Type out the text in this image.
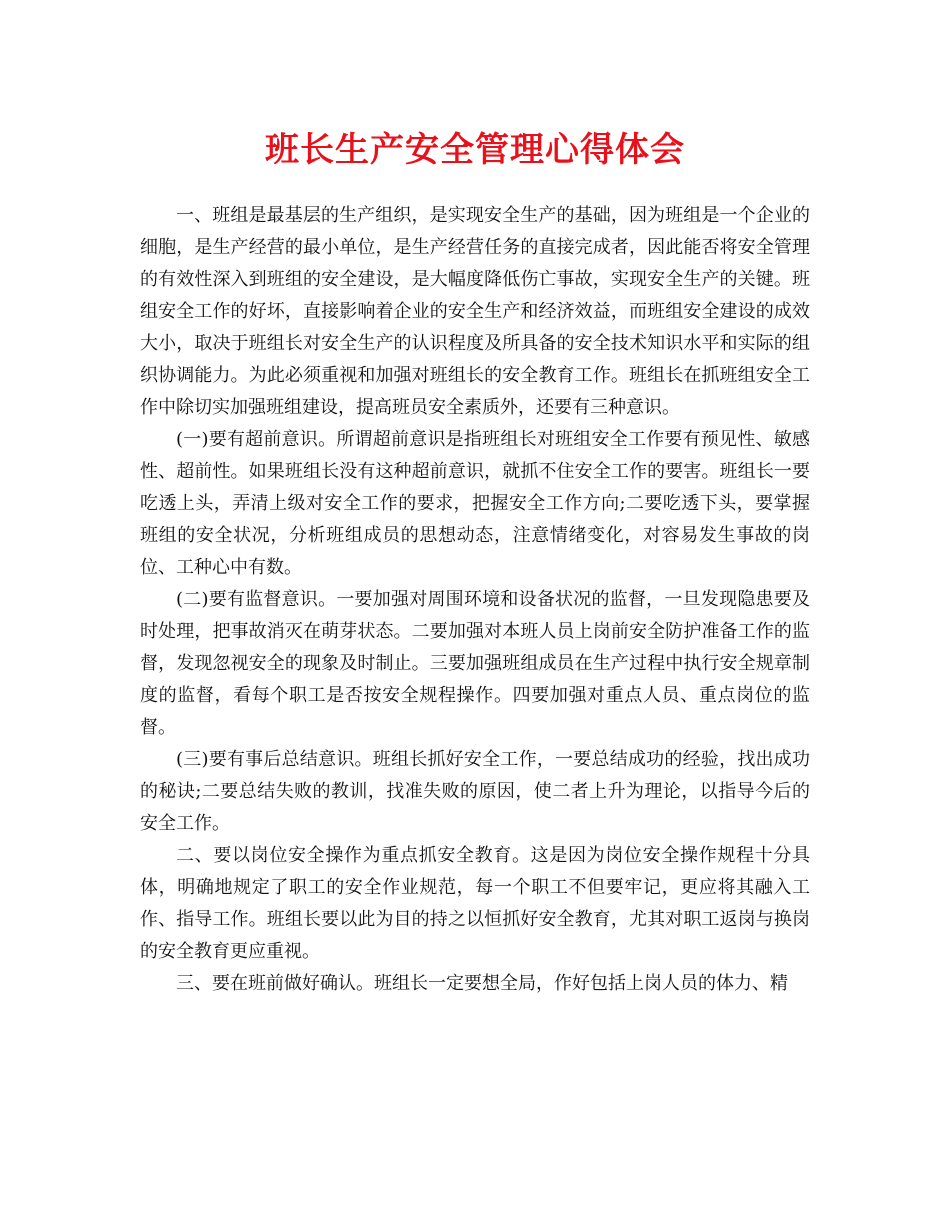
班长生产安全管理心得体会

一、班组是最基层的生产组织，是实现安全生产的基础，因为班组是一个企业的细胞，是生产经营的最小单位，是生产经营任务的直接完成者，因此能否将安全管理的有效性深入到班组的安全建设，是大幅度降低伤亡事故，实现安全生产的关键。班组安全工作的好坏，直接影响着企业的安全生产和经济效益，而班组安全建设的成效大小，取决于班组长对安全生产的认识程度及所具备的安全技术知识水平和实际的组织协调能力。为此必须重视和加强对班组长的安全教育工作。班组长在抓班组安全工作中除切实加强班组建设，提高班员安全素质外，还要有三种意识。

(一)要有超前意识。所谓超前意识是指班组长对班组安全工作要有预见性、敏感性、超前性。如果班组长没有这种超前意识，就抓不住安全工作的要害。班组长一要吃透上头，弄清上级对安全工作的要求，把握安全工作方向;二要吃透下头，要掌握班组的安全状况，分析班组成员的思想动态，注意情绪变化，对容易发生事故的岗位、工种心中有数。

(二)要有监督意识。一要加强对周围环境和设备状况的监督，一旦发现隐患要及时处理，把事故消灭在萌芽状态。二要加强对本班人员上岗前安全防护准备工作的监督，发现忽视安全的现象及时制止。三要加强班组成员在生产过程中执行安全规章制度的监督，看每个职工是否按安全规程操作。四要加强对重点人员、重点岗位的监督。

(三)要有事后总结意识。班组长抓好安全工作，一要总结成功的经验，找出成功的秘诀;二要总结失败的教训，找准失败的原因，使二者上升为理论，以指导今后的安全工作。

二、要以岗位安全操作为重点抓安全教育。这是因为岗位安全操作规程十分具体，明确地规定了职工的安全作业规范，每一个职工不但要牢记，更应将其融入工作、指导工作。班组长要以此为目的持之以恒抓好安全教育，尤其对职工返岗与换岗的安全教育更应重视。

三、要在班前做好确认。班组长一定要想全局，作好包括上岗人员的体力、精
